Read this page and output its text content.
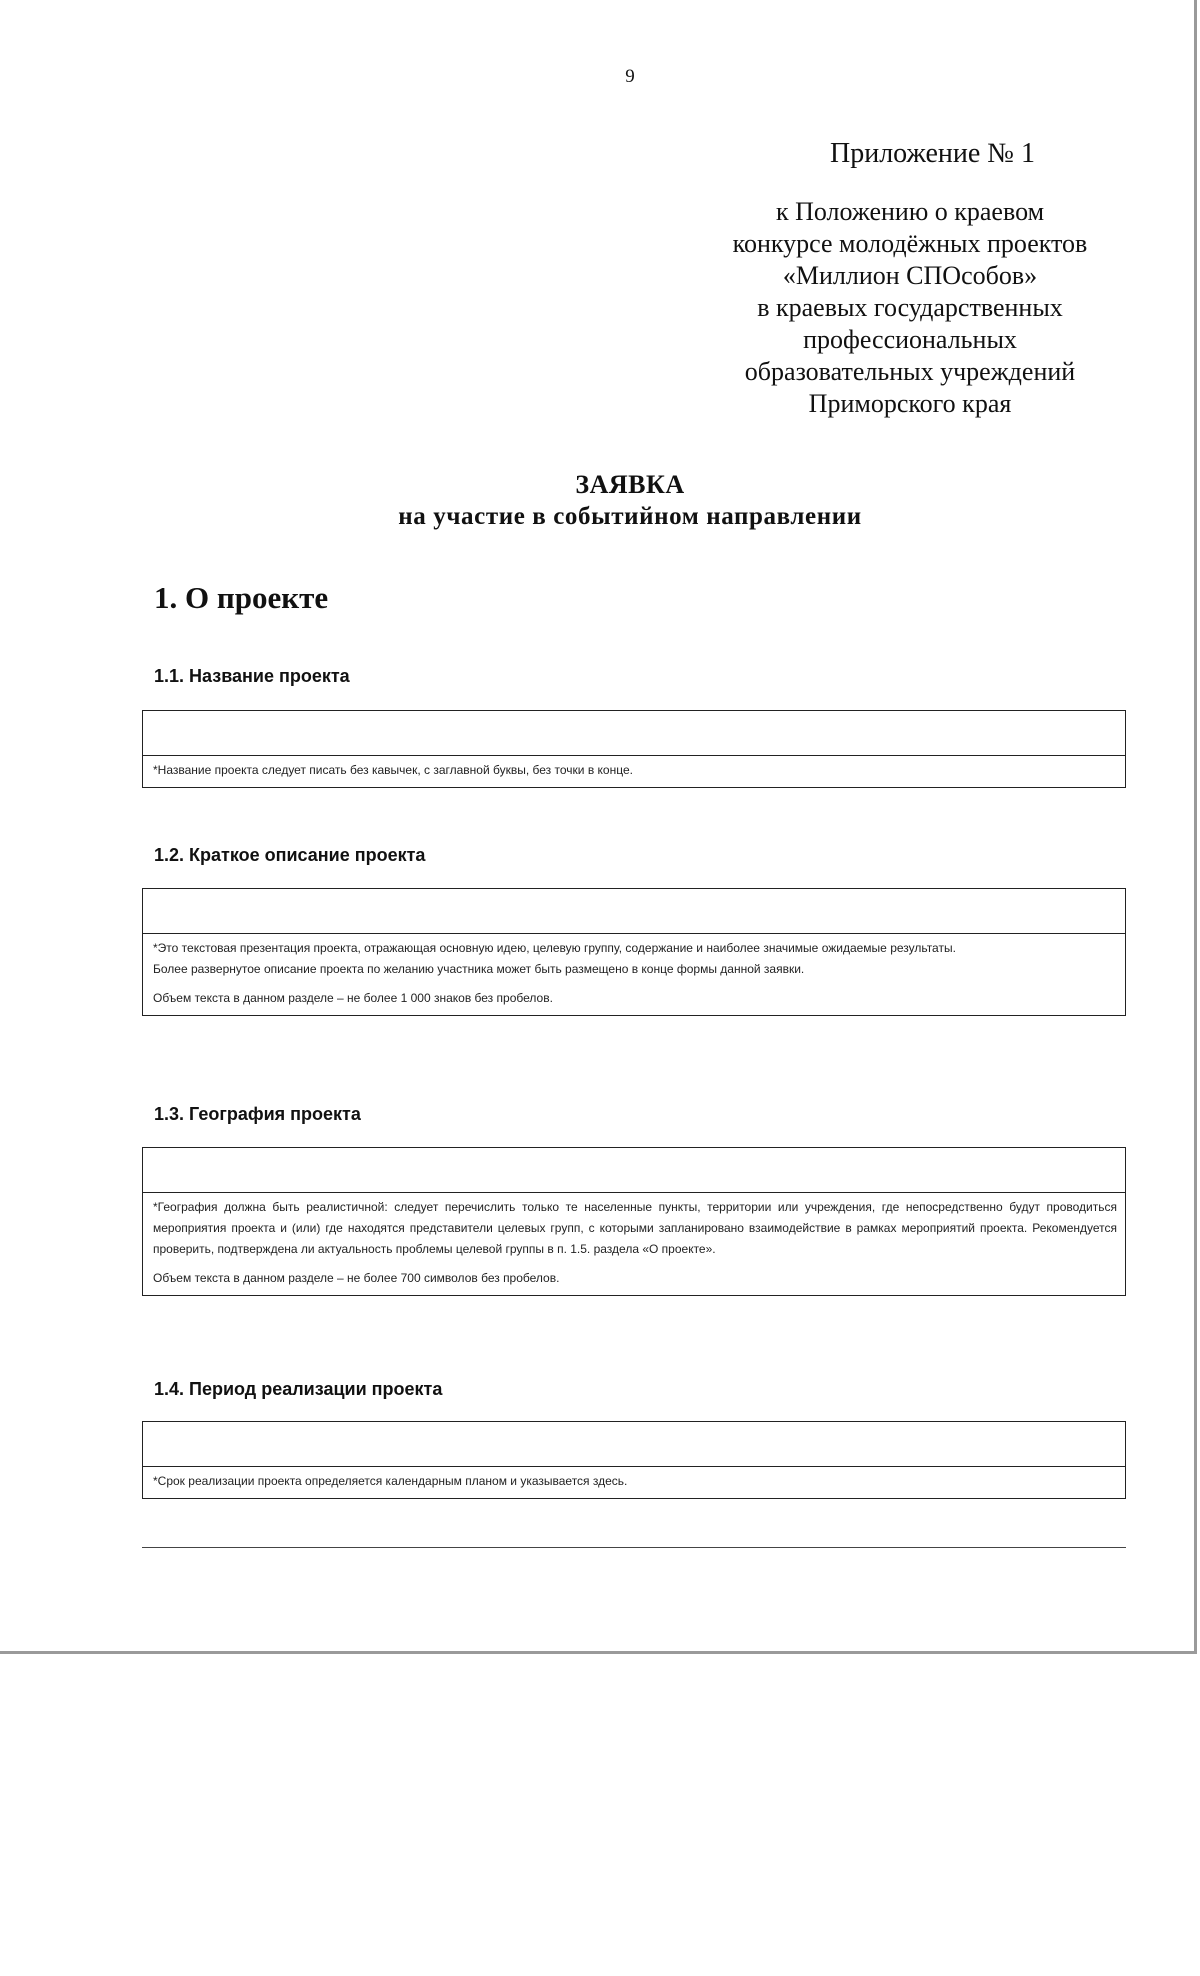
9
Приложение № 1
к Положению о краевом
конкурсе молодёжных проектов
«Миллион СПОсобов»
в краевых государственных
профессиональных
образовательных учреждений
Приморского края
ЗАЯВКА
на участие в событийном направлении
1. О проекте
1.1. Название проекта

*Название проекта следует писать без кавычек, с заглавной буквы, без точки в конце.

1.2. Краткое описание проекта

*Это текстовая презентация проекта, отражающая основную идею, целевую группу, содержание и наиболее значимые ожидаемые результаты.

Более развернутое описание проекта по желанию участника может быть размещено в конце формы данной заявки.

Объем текста в данном разделе – не более 1 000 знаков без пробелов.

1.3. География проекта

*География должна быть реалистичной: следует перечислить только те населенные пункты, территории или учреждения, где непосредственно будут проводиться мероприятия проекта и (или) где находятся представители целевых групп, с которыми запланировано взаимодействие в рамках мероприятий проекта. Рекомендуется проверить, подтверждена ли актуальность проблемы целевой группы в п. 1.5. раздела «О проекте».

Объем текста в данном разделе – не более 700 символов без пробелов.

1.4. Период реализации проекта

*Срок реализации проекта определяется календарным планом и указывается здесь.
